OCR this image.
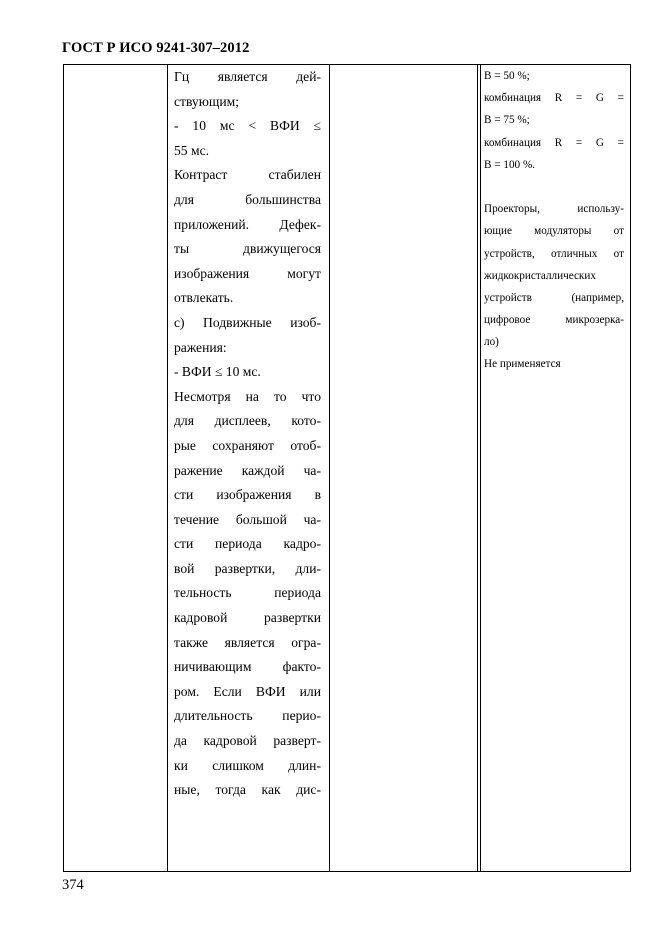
ГОСТ Р ИСО 9241-307–2012
Гц является дей-
ствующим;
- 10 мс < ВФИ ≤
55 мс.
Контраст стабилен
для большинства
приложений. Дефек-
ты движущегося
изображения могут
отвлекать.
c) Подвижные изоб-
ражения:
- ВФИ ≤ 10 мс.
Несмотря на то что
для дисплеев, кото-
рые сохраняют отоб-
ражение каждой ча-
сти изображения в
течение большой ча-
сти периода кадро-
вой развертки, дли-
тельность периода
кадровой развертки
также является огра-
ничивающим факто-
ром. Если ВФИ или
длительность перио-
да кадровой разверт-
ки слишком длин-
ные, тогда как дис-
B = 50 %;
комбинация R = G =
B = 75 %;
комбинация R = G =
B = 100 %.
Проекторы, использу-
ющие модуляторы от
устройств, отличных от
жидкокристаллических
устройств (например,
цифровое микрозерка-
ло)
Не применяется
374
